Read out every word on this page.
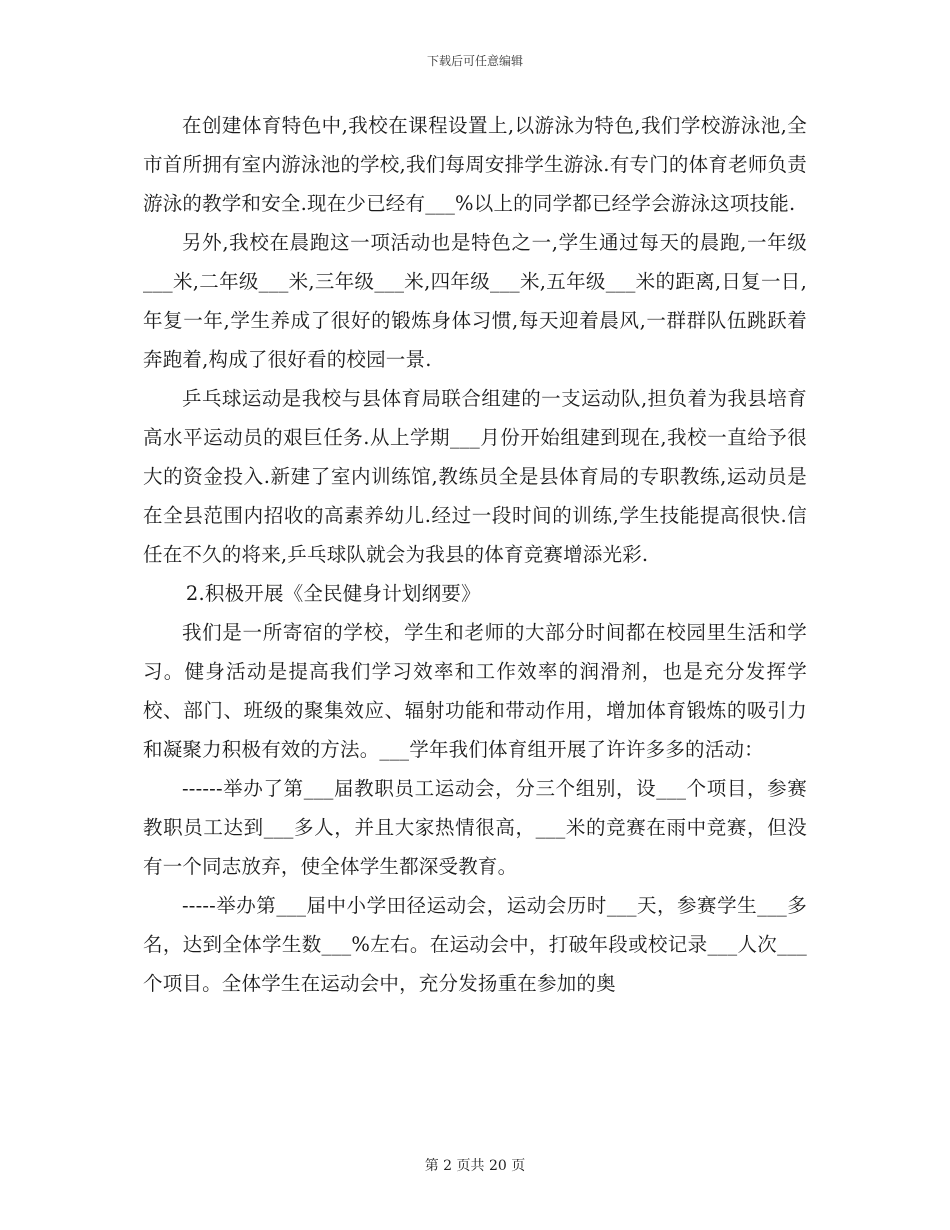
下载后可任意编辑

在创建体育特色中,我校在课程设置上,以游泳为特色,我们学校游泳池,全市首所拥有室内游泳池的学校,我们每周安排学生游泳.有专门的体育老师负责游泳的教学和安全.现在少已经有___%以上的同学都已经学会游泳这项技能.

另外,我校在晨跑这一项活动也是特色之一,学生通过每天的晨跑,一年级___米,二年级___米,三年级___米,四年级___米,五年级___米的距离,日复一日,年复一年,学生养成了很好的锻炼身体习惯,每天迎着晨风,一群群队伍跳跃着奔跑着,构成了很好看的校园一景.

乒乓球运动是我校与县体育局联合组建的一支运动队,担负着为我县培育高水平运动员的艰巨任务.从上学期___月份开始组建到现在,我校一直给予很大的资金投入.新建了室内训练馆,教练员全是县体育局的专职教练,运动员是在全县范围内招收的高素养幼儿.经过一段时间的训练,学生技能提高很快.信任在不久的将来,乒乓球队就会为我县的体育竞赛增添光彩.

2.积极开展《全民健身计划纲要》

我们是一所寄宿的学校，学生和老师的大部分时间都在校园里生活和学习。健身活动是提高我们学习效率和工作效率的润滑剂，也是充分发挥学校、部门、班级的聚集效应、辐射功能和带动作用，增加体育锻炼的吸引力和凝聚力积极有效的方法。___学年我们体育组开展了许许多多的活动：

------举办了第___届教职员工运动会，分三个组别，设___个项目，参赛教职员工达到___多人，并且大家热情很高，___米的竞赛在雨中竞赛，但没有一个同志放弃，使全体学生都深受教育。

-----举办第___届中小学田径运动会，运动会历时___天，参赛学生___多名，达到全体学生数___%左右。在运动会中，打破年段或校记录___人次___个项目。全体学生在运动会中，充分发扬重在参加的奥

第 2 页共 20 页
